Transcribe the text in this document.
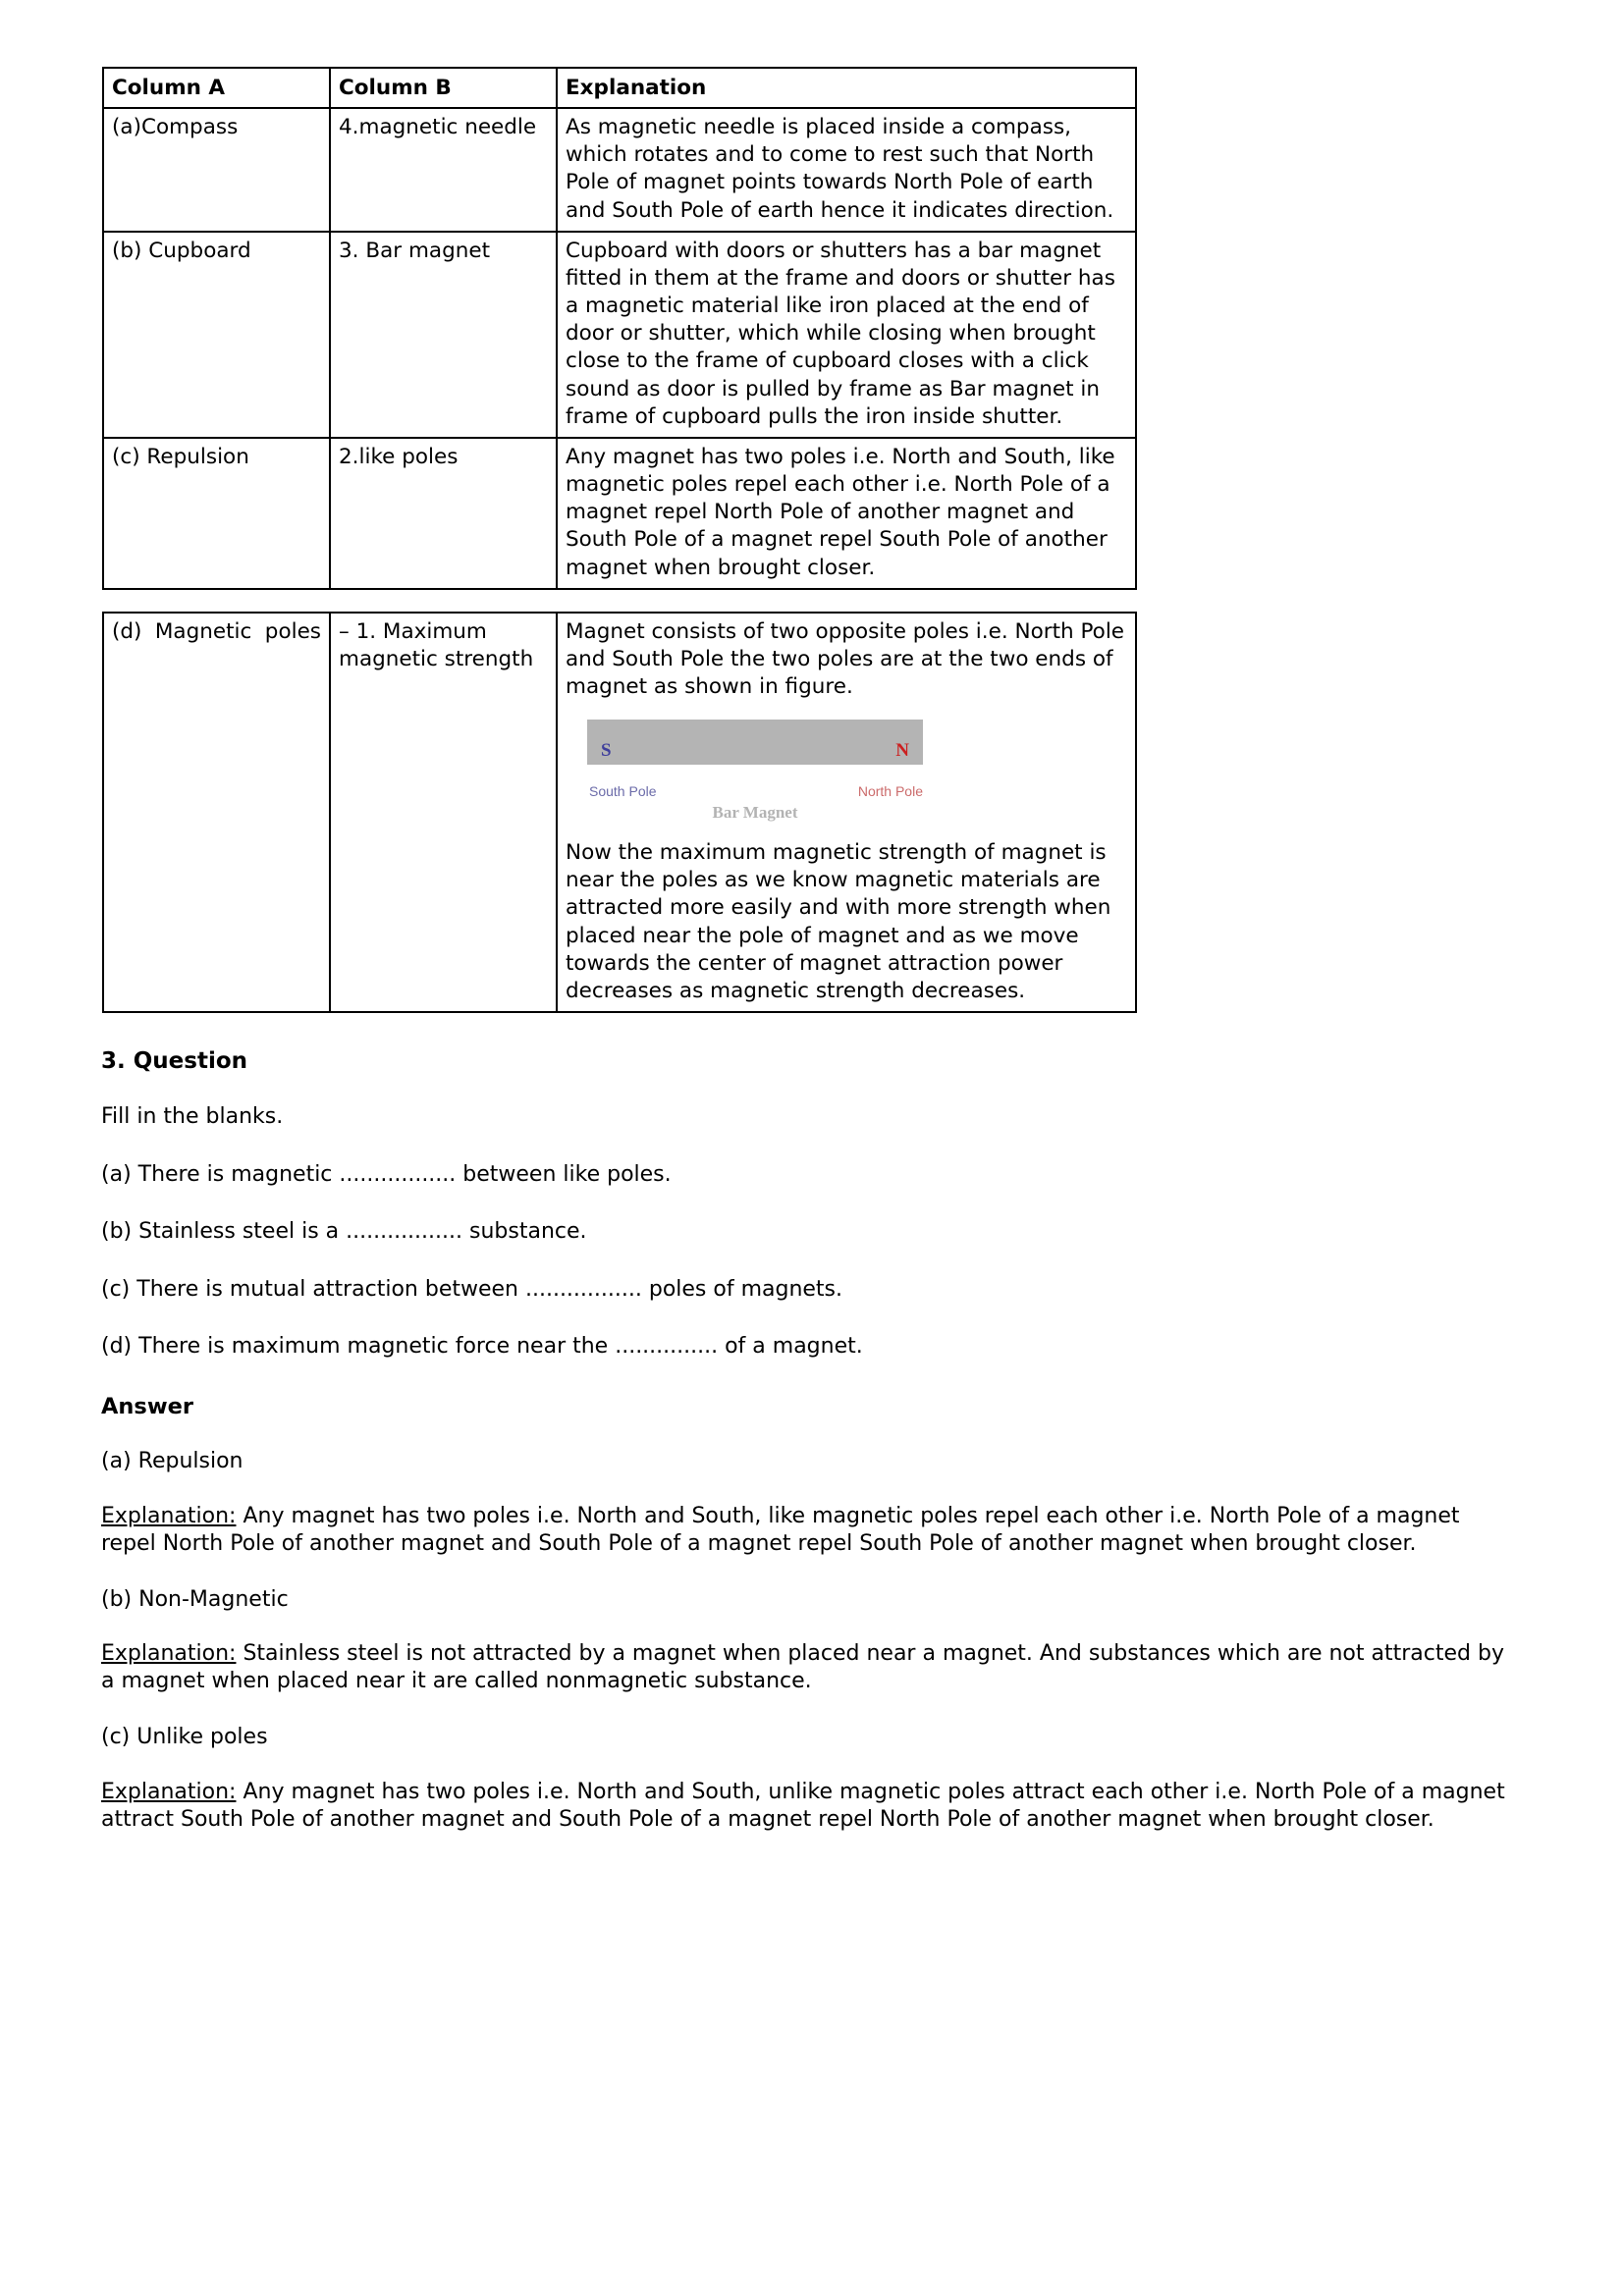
Column A	Column B	Explanation
(a)Compass	4.magnetic needle	As magnetic needle is placed inside a compass, which rotates and to come to rest such that North Pole of magnet points towards North Pole of earth and South Pole of earth hence it indicates direction.
(b) Cupboard	3. Bar magnet	Cupboard with doors or shutters has a bar magnet fitted in them at the frame and doors or shutter has a magnetic material like iron placed at the end of door or shutter, which while closing when brought close to the frame of cupboard closes with a click sound as door is pulled by frame as Bar magnet in frame of cupboard pulls the iron inside shutter.
(c) Repulsion	2.like poles	Any magnet has two poles i.e. North and South, like magnetic poles repel each other i.e. North Pole of a magnet repel North Pole of another magnet and South Pole of a magnet repel South Pole of another magnet when brought closer.
(d) Magnetic poles	– 1. Maximum magnetic strength	Magnet consists of two opposite poles i.e. North Pole and South Pole the two poles are at the two ends of magnet as shown in figure.
S	N
South Pole	North Pole
Bar Magnet
Now the maximum magnetic strength of magnet is near the poles as we know magnetic materials are attracted more easily and with more strength when placed near the pole of magnet and as we move towards the center of magnet attraction power decreases as magnetic strength decreases.
3. Question

Fill in the blanks.

(a) There is magnetic ................. between like poles.

(b) Stainless steel is a ................. substance.

(c) There is mutual attraction between ................. poles of magnets.

(d) There is maximum magnetic force near the ............... of a magnet.

Answer

(a) Repulsion

Explanation: Any magnet has two poles i.e. North and South, like magnetic poles repel each other i.e. North Pole of a magnet repel North Pole of another magnet and South Pole of a magnet repel South Pole of another magnet when brought closer.

(b) Non-Magnetic

Explanation: Stainless steel is not attracted by a magnet when placed near a magnet. And substances which are not attracted by a magnet when placed near it are called nonmagnetic substance.

(c) Unlike poles

Explanation: Any magnet has two poles i.e. North and South, unlike magnetic poles attract each other i.e. North Pole of a magnet attract South Pole of another magnet and South Pole of a magnet repel North Pole of another magnet when brought closer.
